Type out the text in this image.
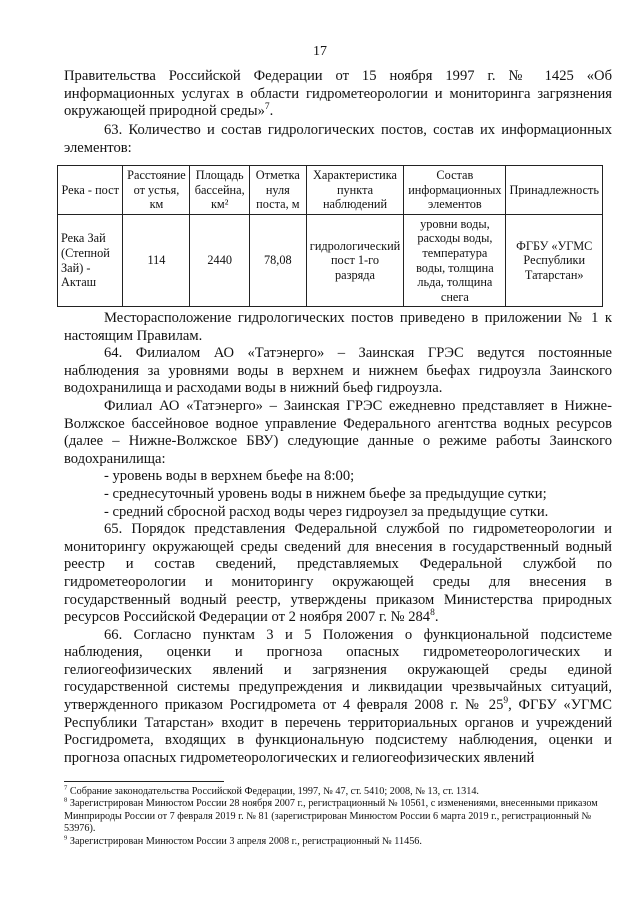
17

Правительства Российской Федерации от 15 ноября 1997 г. № 1425 «Об информационных услугах в области гидрометеорологии и мониторинга загрязнения окружающей природной среды»$^7$.

63. Количество и состав гидрологических постов, состав их информационных элементов:

Река - пост	Расстояние от устья, км	Площадь бассейна, км²	Отметка нуля поста, м	Характеристика пункта наблюдений	Состав информационных элементов	Принадлежность
Река Зай (Степной Зай) - Акташ	114	2440	78,08	гидрологический пост 1-го разряда	уровни воды, расходы воды, температура воды, толщина льда, толщина снега	ФГБУ «УГМС Республики Татарстан»

Месторасположение гидрологических постов приведено в приложении № 1 к настоящим Правилам.

64. Филиалом АО «Татэнерго» – Заинская ГРЭС ведутся постоянные наблюдения за уровнями воды в верхнем и нижнем бьефах гидроузла Заинского водохранилища и расходами воды в нижний бьеф гидроузла.

Филиал АО «Татэнерго» – Заинская ГРЭС ежедневно представляет в Нижне-Волжское бассейновое водное управление Федерального агентства водных ресурсов (далее – Нижне-Волжское БВУ) следующие данные о режиме работы Заинского водохранилища:

- уровень воды в верхнем бьефе на 8:00;

- среднесуточный уровень воды в нижнем бьефе за предыдущие сутки;

- средний сбросной расход воды через гидроузел за предыдущие сутки.

65. Порядок представления Федеральной службой по гидрометеорологии и мониторингу окружающей среды сведений для внесения в государственный водный реестр и состав сведений, представляемых Федеральной службой по гидрометеорологии и мониторингу окружающей среды для внесения в государственный водный реестр, утверждены приказом Министерства природных ресурсов Российской Федерации от 2 ноября 2007 г. № $284^8$.

66. Согласно пунктам 3 и 5 Положения о функциональной подсистеме наблюдения, оценки и прогноза опасных гидрометеорологических и гелиогеофизических явлений и загрязнения окружающей среды единой государственной системы предупреждения и ликвидации чрезвычайных ситуаций, утвержденного приказом Росгидромета от 4 февраля 2008 г. № $25^9$, ФГБУ «УГМС Республики Татарстан» входит в перечень территориальных органов и учреждений Росгидромета, входящих в функциональную подсистему наблюдения, оценки и прогноза опасных гидрометеорологических и гелиогеофизических явлений

$^7$ Собрание законодательства Российской Федерации, 1997, № 47, ст. 5410; 2008, № 13, ст. 1314.

$^8$ Зарегистрирован Минюстом России 28 ноября 2007 г., регистрационный № 10561, с изменениями, внесенными приказом Минприроды России от 7 февраля 2019 г. № 81 (зарегистрирован Минюстом России 6 марта 2019 г., регистрационный № 53976).

$^9$ Зарегистрирован Минюстом России 3 апреля 2008 г., регистрационный № 11456.
